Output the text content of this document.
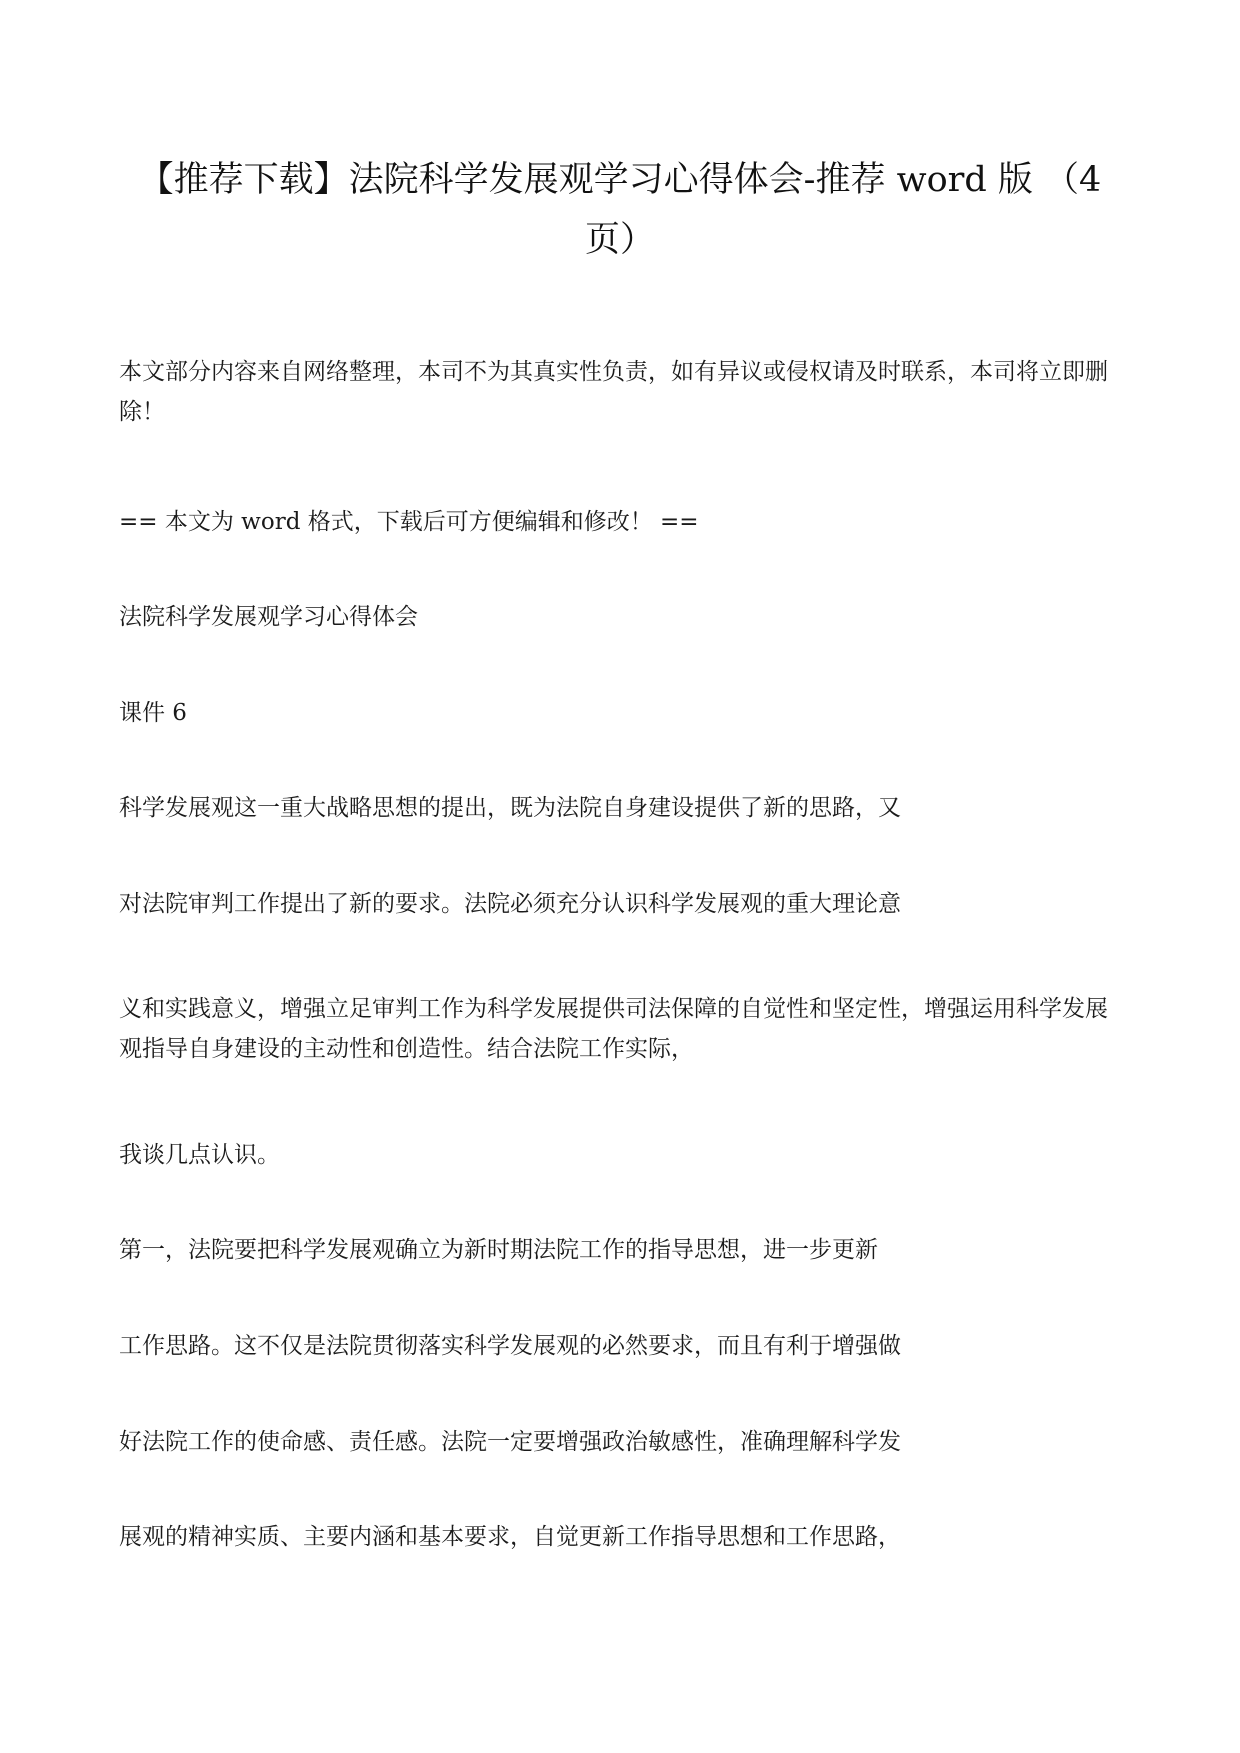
【推荐下载】法院科学发展观学习心得体会-推荐 word 版 （4 页）

本文部分内容来自网络整理，本司不为其真实性负责，如有异议或侵权请及时联系，本司将立即删除！

== 本文为 word 格式，下载后可方便编辑和修改！ ==

法院科学发展观学习心得体会

课件 6

科学发展观这一重大战略思想的提出，既为法院自身建设提供了新的思路，又

对法院审判工作提出了新的要求。法院必须充分认识科学发展观的重大理论意

义和实践意义，增强立足审判工作为科学发展提供司法保障的自觉性和坚定性，增强运用科学发展观指导自身建设的主动性和创造性。结合法院工作实际，

我谈几点认识。

第一，法院要把科学发展观确立为新时期法院工作的指导思想，进一步更新

工作思路。这不仅是法院贯彻落实科学发展观的必然要求，而且有利于增强做

好法院工作的使命感、责任感。法院一定要增强政治敏感性，准确理解科学发

展观的精神实质、主要内涵和基本要求，自觉更新工作指导思想和工作思路，
